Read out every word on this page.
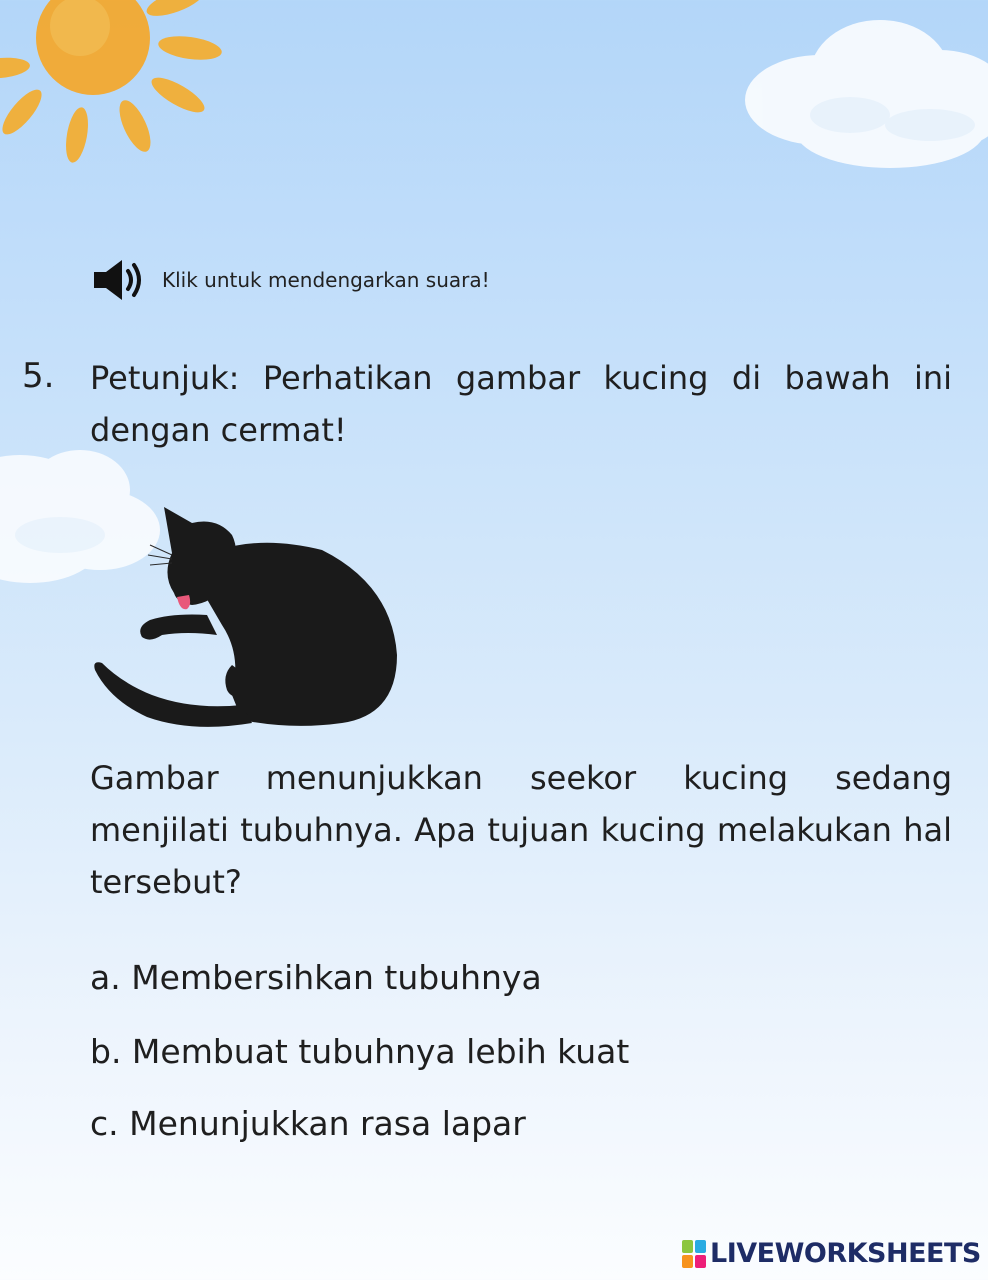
Klik untuk mendengarkan suara!
5. Petunjuk: Perhatikan gambar kucing di bawah ini dengan cermat!
Gambar menunjukkan seekor kucing sedang menjilati tubuhnya. Apa tujuan kucing melakukan hal tersebut?
a. Membersihkan tubuhnya
b. Membuat tubuhnya lebih kuat
c. Menunjukkan rasa lapar
LIVEWORKSHEETS
